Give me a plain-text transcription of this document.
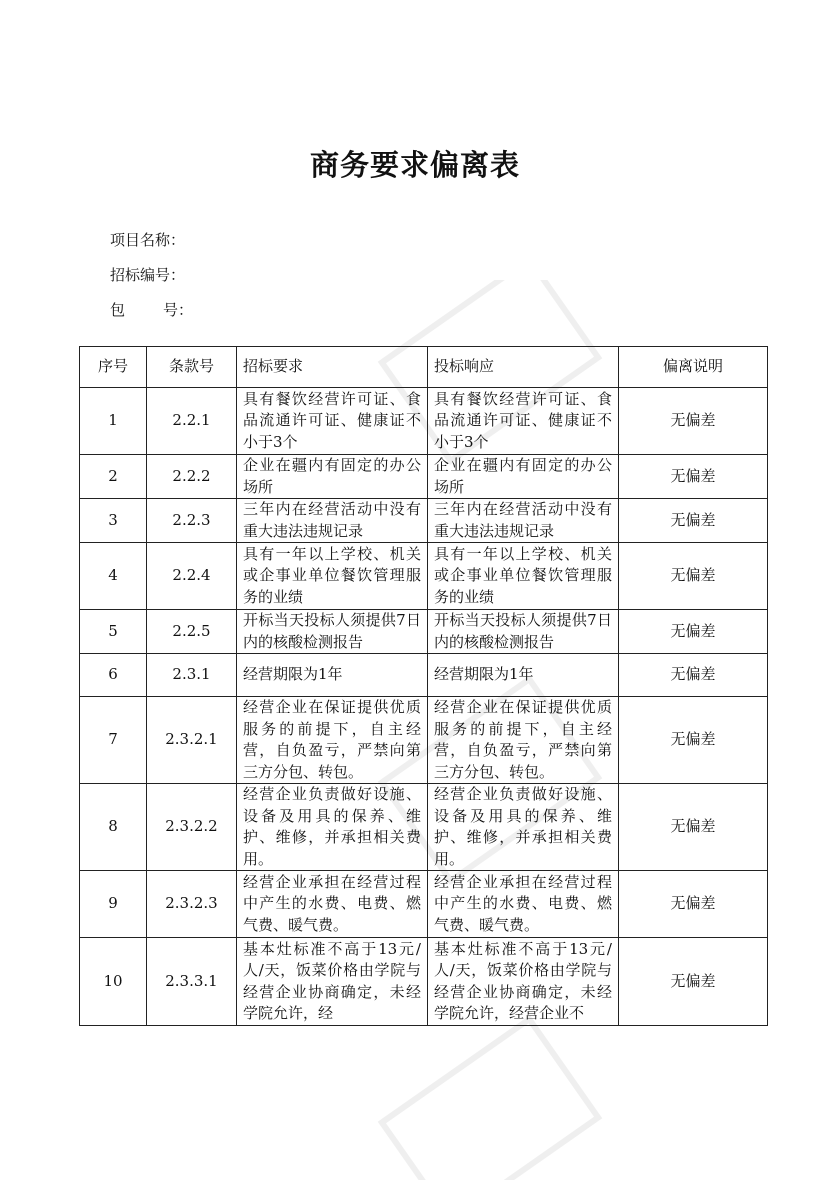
商务要求偏离表
项目名称：
招标编号：
包	号：
序号	条款号	招标要求	投标响应	偏离说明
1	2.2.1	具有餐饮经营许可证、食品流通许可证、健康证不小于3个	具有餐饮经营许可证、食品流通许可证、健康证不小于3个	无偏差
2	2.2.2	企业在疆内有固定的办公场所	企业在疆内有固定的办公场所	无偏差
3	2.2.3	三年内在经营活动中没有重大违法违规记录	三年内在经营活动中没有重大违法违规记录	无偏差
4	2.2.4	具有一年以上学校、机关或企事业单位餐饮管理服务的业绩	具有一年以上学校、机关或企事业单位餐饮管理服务的业绩	无偏差
5	2.2.5	开标当天投标人须提供7日内的核酸检测报告	开标当天投标人须提供7日内的核酸检测报告	无偏差
6	2.3.1	经营期限为1年	经营期限为1年	无偏差
7	2.3.2.1	经营企业在保证提供优质服务的前提下，自主经营，自负盈亏，严禁向第三方分包、转包。	经营企业在保证提供优质服务的前提下，自主经营，自负盈亏，严禁向第三方分包、转包。	无偏差
8	2.3.2.2	经营企业负责做好设施、设备及用具的保养、维护、维修，并承担相关费用。	经营企业负责做好设施、设备及用具的保养、维护、维修，并承担相关费用。	无偏差
9	2.3.2.3	经营企业承担在经营过程中产生的水费、电费、燃气费、暖气费。	经营企业承担在经营过程中产生的水费、电费、燃气费、暖气费。	无偏差
10	2.3.3.1	基本灶标准不高于13元/人/天，饭菜价格由学院与经营企业协商确定，未经学院允许，经	基本灶标准不高于13元/人/天，饭菜价格由学院与经营企业协商确定，未经学院允许，经营企业不	无偏差
